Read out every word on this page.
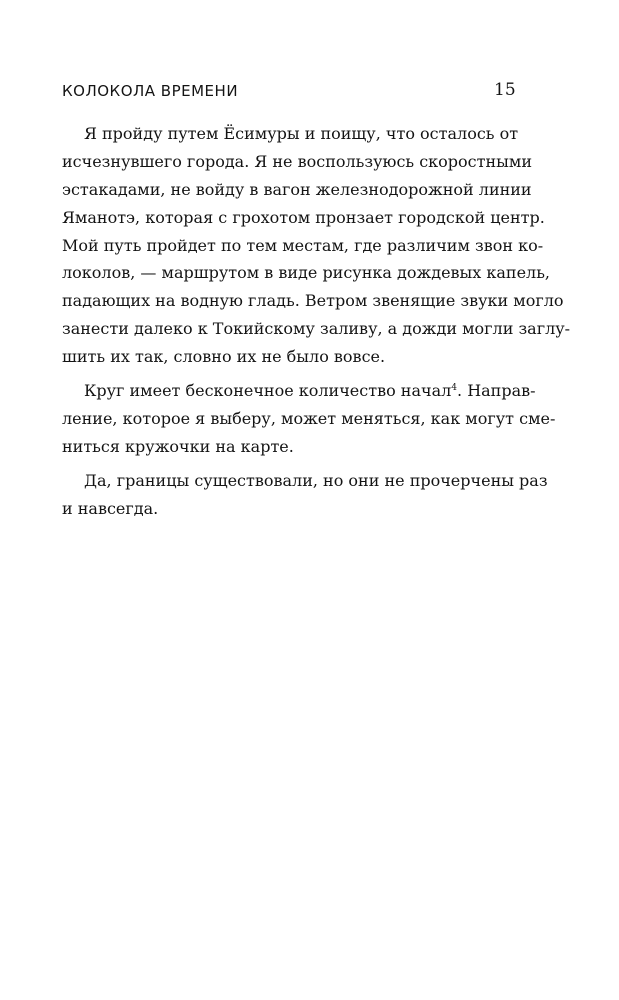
КОЛОКОЛА ВРЕМЕНИ	15
Я пройду путем Ёсимуры и поищу, что осталось от
исчезнувшего города. Я не воспользуюсь скоростными
эстакадами, не войду в вагон железнодорожной линии
Яманотэ, которая с грохотом пронзает городской центр.
Мой путь пройдет по тем местам, где различим звон ко-
локолов, — маршрутом в виде рисунка дождевых капель,
падающих на водную гладь. Ветром звенящие звуки могло
занести далеко к Токийскому заливу, а дожди могли заглу-
шить их так, словно их не было вовсе.
Круг имеет бесконечное количество начал$^4$. Направ-
ление, которое я выберу, может меняться, как могут сме-
ниться кружочки на карте.
Да, границы существовали, но они не прочерчены раз
и навсегда.
